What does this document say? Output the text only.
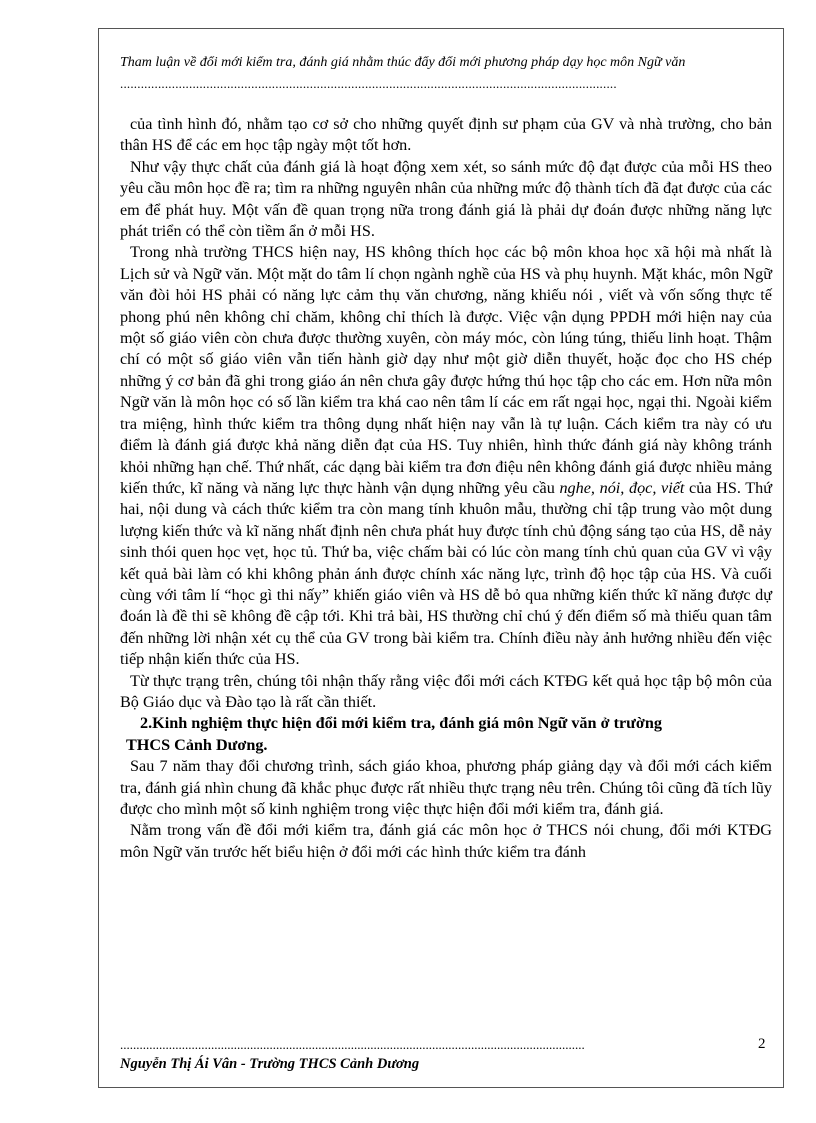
Tham luận về đổi mới kiểm tra, đánh giá nhằm thúc đẩy đổi mới phương pháp dạy học môn Ngữ văn
................................................................................................................................................

của tình hình đó, nhằm tạo cơ sở cho những quyết định sư phạm của GV và nhà trường, cho bản thân HS để các em học tập ngày một tốt hơn.

Như vậy thực chất của đánh giá là hoạt động xem xét, so sánh mức độ đạt được của mỗi HS theo yêu cầu môn học đề ra; tìm ra những nguyên nhân của những mức độ thành tích đã đạt được của các em để phát huy. Một vấn đề quan trọng nữa trong đánh giá là phải dự đoán được những năng lực phát triển có thể còn tiềm ẩn ở mỗi HS.

Trong nhà trường THCS hiện nay, HS không thích học các bộ môn khoa học xã hội mà nhất là Lịch sử và Ngữ văn. Một mặt do tâm lí chọn ngành nghề của HS và phụ huynh. Mặt khác, môn Ngữ văn đòi hỏi HS phải có năng lực cảm thụ văn chương, năng khiếu nói , viết và vốn sống thực tế phong phú nên không chỉ chăm, không chỉ thích là được. Việc vận dụng PPDH mới hiện nay của một số giáo viên còn chưa được thường xuyên, còn máy móc, còn lúng túng, thiếu linh hoạt. Thậm chí có một số giáo viên vẫn tiến hành giờ dạy như một giờ diễn thuyết, hoặc đọc cho HS chép những ý cơ bản đã ghi trong giáo án nên chưa gây được hứng thú học tập cho các em. Hơn nữa môn Ngữ văn là môn học có số lần kiểm tra khá cao nên tâm lí các em rất ngại học, ngại thi. Ngoài kiểm tra miệng, hình thức kiểm tra thông dụng nhất hiện nay vẫn là tự luận. Cách kiểm tra này có ưu điểm là đánh giá được khả năng diễn đạt của HS. Tuy nhiên, hình thức đánh giá này không tránh khỏi những hạn chế. Thứ nhất, các dạng bài kiểm tra đơn điệu nên không đánh giá được nhiều mảng kiến thức, kĩ năng và năng lực thực hành vận dụng những yêu cầu nghe, nói, đọc, viết của HS. Thứ hai, nội dung và cách thức kiểm tra còn mang tính khuôn mẫu, thường chỉ tập trung vào một dung lượng kiến thức và kĩ năng nhất định nên chưa phát huy được tính chủ động sáng tạo của HS, dễ nảy sinh thói quen học vẹt, học tủ. Thứ ba, việc chấm bài có lúc còn mang tính chủ quan của GV vì vậy kết quả bài làm có khi không phản ánh được chính xác năng lực, trình độ học tập của HS. Và cuối cùng với tâm lí “học gì thi nấy” khiến giáo viên và HS dễ bỏ qua những kiến thức kĩ năng được dự đoán là đề thi sẽ không đề cập tới. Khi trả bài, HS thường chỉ chú ý đến điểm số mà thiếu quan tâm đến những lời nhận xét cụ thể của GV trong bài kiểm tra. Chính điều này ảnh hưởng nhiều đến việc tiếp nhận kiến thức của HS.

Từ thực trạng trên, chúng tôi nhận thấy rằng việc đổi mới cách KTĐG kết quả học tập bộ môn của Bộ Giáo dục và Đào tạo là rất cần thiết.

2.Kinh nghiệm thực hiện đổi mới kiểm tra, đánh giá môn Ngữ văn ở trường
THCS Cảnh Dương.

Sau 7 năm thay đổi chương trình, sách giáo khoa, phương pháp giảng dạy và đổi mới cách kiểm tra, đánh giá nhìn chung đã khắc phục được rất nhiều thực trạng nêu trên. Chúng tôi cũng đã tích lũy được cho mình một số kinh nghiệm trong việc thực hiện đổi mới kiểm tra, đánh giá.

Nằm trong vấn đề đổi mới kiểm tra, đánh giá các môn học ở THCS nói chung, đổi mới KTĐG môn Ngữ văn trước hết biểu hiện ở đổi mới các hình thức kiểm tra đánh

...............................................................................................................................................	2
Nguyễn Thị Ái Vân - Trường THCS Cảnh Dương
